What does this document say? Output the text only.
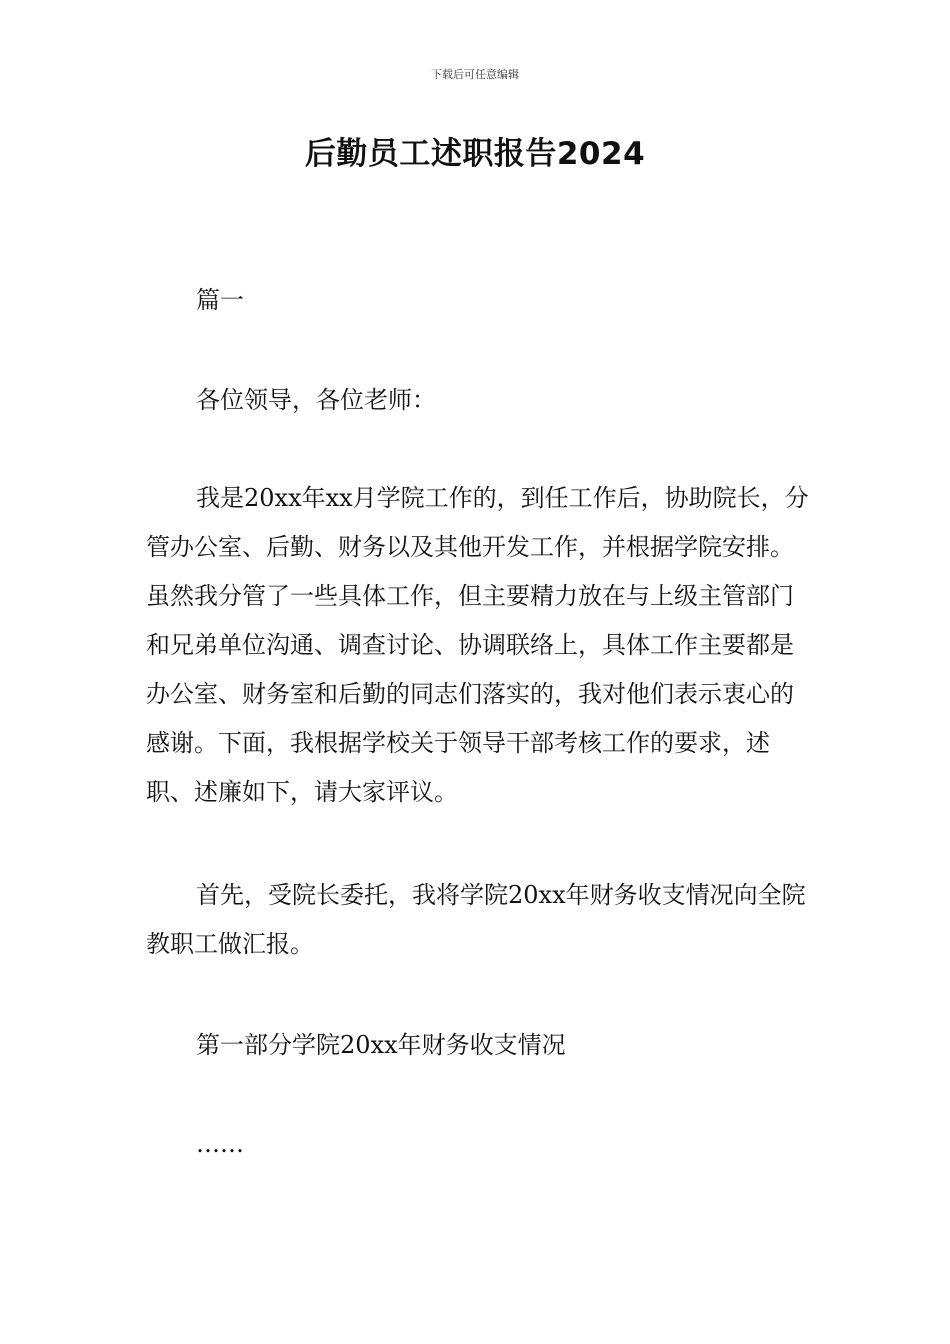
下载后可任意编辑
后勤员工述职报告2024

篇一

各位领导，各位老师：

我是20xx年xx月学院工作的，到任工作后，协助院长，分管办公室、后勤、财务以及其他开发工作，并根据学院安排。虽然我分管了一些具体工作，但主要精力放在与上级主管部门和兄弟单位沟通、调查讨论、协调联络上，具体工作主要都是办公室、财务室和后勤的同志们落实的，我对他们表示衷心的感谢。下面，我根据学校关于领导干部考核工作的要求，述职、述廉如下，请大家评议。

首先，受院长委托，我将学院20xx年财务收支情况向全院教职工做汇报。

第一部分学院20xx年财务收支情况

……
